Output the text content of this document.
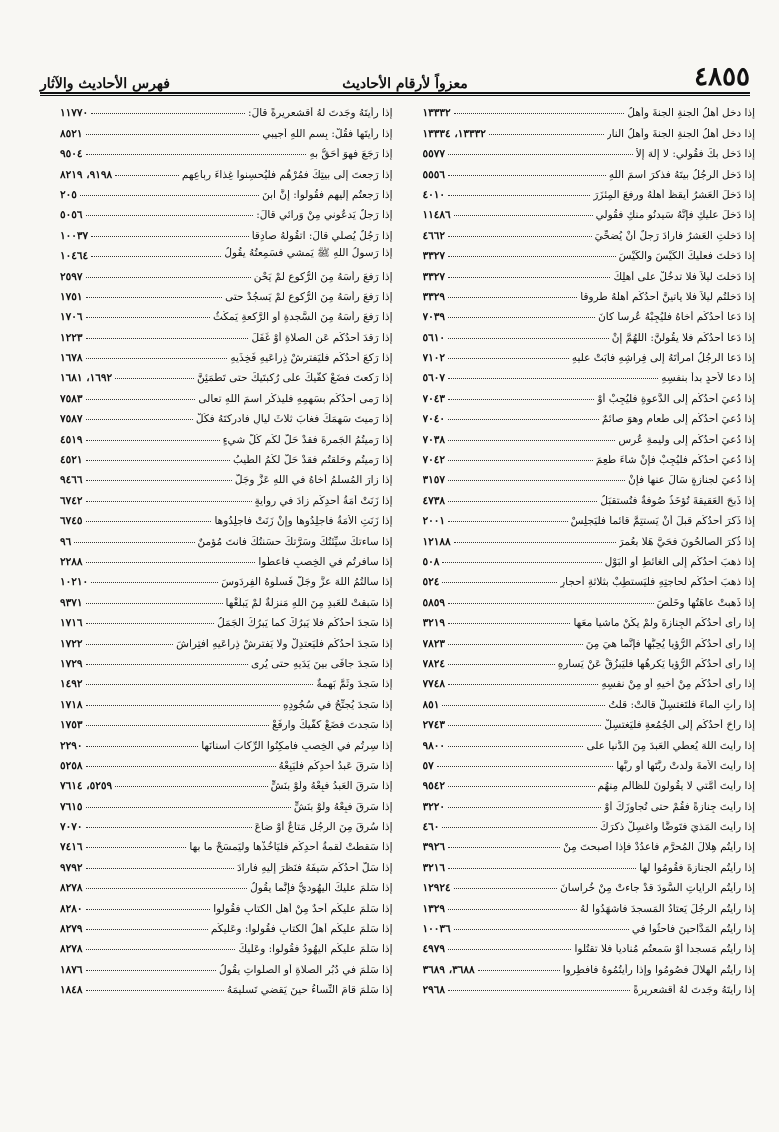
٤٨٥٥
معزواً لأرقام الأحاديث
فهرس الأحاديث والآثار
إذا دخل أهلُ الجنةِ الجنةَ وأهلُ
١٣٣٣٢
إذا دخل أهلُ الجنةِ الجنةَ وأهلُ النار
١٣٣٣٢، ١٣٣٣٤
إذا دَخل بكَ فقُولي: لا إلهَ إلاَّ
٥٥٧٧
إذا دَخل الرجُلُ بيتَهُ فذكرَ اسمَ اللهِ
٥٥٥٦
إذا دَخلَ العَشرُ أيقظَ أهلَهُ ورفعَ المِئزَرَ
٤٠١٠
إذا دَخلَ عليكِ فإنَّهُ سَيدنُو منكِ فقُولي
١١٤٨٦
إذا دَخلتِ العَشرُ فأرادَ رَجلٌ أنْ يُضحِّيَ
٤٦٦٢
إذا دَخلْتَ فعلَيكَ الكَيْسَ والكَيْسَ
٣٣٢٧
إذا دَخلتَ ليلاً فلا تدخُلْ على أهلِكَ
٣٣٢٧
إذا دَخلتُم ليلاً فلا يأتينَّ أحدُكُم أهلَهُ طُروقاً
٣٣٢٩
إذا دَعا أحدُكُم أخاهُ فليُجِبْهُ عُرساً كانَ
٧٠٣٩
إذا دَعا أحدُكُم فلا يقُولنَّ: اللهُمَّ إنْ
٥٦١٠
إذا دَعا الرجُلُ امرأتَهُ إلى فِراشِهِ فأبَتْ عليهِ
٧١٠٢
إذا دعا لأحدٍ بدأَ بنفسِهِ
٥٦٠٧
إذا دُعيَ أحدُكُم إلى الدَّعوةِ فليُجِبْ أوْ
٧٠٤٣
إذا دُعيَ أحدُكُم إلى طَعامٍ وهوَ صائمٌ
٧٠٤٠
إذا دُعيَ أحدُكُم إلى وليمةِ عُرسٍ
٧٠٣٨
إذا دُعيَ أحدُكُم فليُجِبْ فإنْ شاءَ طَعِمَ
٧٠٤٢
إذا دُعيَ لجنازةٍ سَألَ عنها فإنْ
٣١٥٧
إذا ذَبحَ العَقيقةَ تُؤخَذُ صُوفةٌ فتُستقبَلُ
٤٧٣٨
إذا ذَكرَ أحدُكُم قبلَ أنْ يَستتِمَّ قائماً فليَجلِسْ
٢٠٠١
إذا ذُكرَ الصالحُونَ فحَيَّ هَلا بعُمرَ
١٢١٨٨
إذا ذهبَ أحدُكُم إلى الغائطِ أو البَوْلِ
٥٠٨
إذا ذهبَ أحدُكُم لحاجتِهِ فليَستطِبْ بثلاثةِ أحجارٍ
٥٢٤
إذا ذَهبتْ عاهَتُها وخَلَصَ
٥٨٥٩
إذا رأى أحدُكُم الجِنازةَ ولمْ يكُنْ ماشياً معَها
٣٢١٩
إذا رأى أحدُكُم الرُّؤيا يُحِبُّها فإنَّما هيَ مِنَ
٧٨٢٣
إذا رأى أحدُكُم الرُّؤيا يَكرهُها فليَبزُقْ عَنْ يَسارِهِ
٧٨٢٤
إذا رأى أحدُكُم مِنْ أخيهِ أو مِنْ نفسِهِ
٧٧٤٨
إذا رأتِ الماءَ فلتَغتسِلْ قالتْ: قلتُ
٨٥١
إذا راحَ أحدُكُم إلى الجُمُعةِ فليَغتسِلْ
٢٧٤٣
إذا رأيتَ اللهَ يُعطي العَبدَ مِنَ الدُّنيا على
٩٨٠٠
إذا رأيتَ الأمةَ ولَدتْ ربَّتَها أو ربَّها
٥٧
إذا رأيتَ أُمَّتي لا يقُولونَ للظالمِ مِنهُم
٩٥٤٢
إذا رأيتَ جِنازةً فقُمْ حتى تُجاوِزَكَ أوْ
٣٢٢٠
إذا رأيتَ المَذيَ فتَوضَّأْ واغسِلْ ذكرَكَ
٤٦٠
إذا رأيتُم هِلالَ المُحرَّمِ فاعدُدْ فإذا أصبحتَ مِنْ
٣٩٢٦
إذا رأيتُم الجنازةَ فقُومُوا لها
٣٢١٦
إذا رأيتُم الراياتِ السُّودَ قدْ جاءتْ مِنْ خُراسانَ
١٢٩٢٤
إذا رأيتُم الرجُلَ يَعتادُ المَسجدَ فاشهَدُوا لهُ
١٣٢٩
إذا رأيتُم المَدَّاحينَ فاحثُوا في
١٠٠٣٦
إذا رأيتُم مَسجداً أوْ سَمعتُم مُنادياً فلا تقتُلوا
٤٩٧٩
إذا رأيتُم الهِلالَ فصُومُوا وإذا رأيتُمُوهُ فأفطِروا
٣٦٨٨، ٣٦٨٩
إذا رأيتَهُ وجَدتَ لهُ أقشعريرةً
٢٩٦٨
إذا رأيتَهُ وجَدتَ لهُ أقشعريرةً قالَ:
١١٧٧٠
إذا رأيتَها فقُلْ: بِسمِ اللهِ أُجيبي
٨٥٢١
إذا رَجَعَ فهوَ أحَقُّ بهِ
٩٥٠٤
إذا رَجعتَ إلى بيتِكَ فمُرْهُم فليُحسِنوا غِذاءَ رِباعِهِم
٩١٩٨، ٨٢١٩
إذا رَجعتُم إليهِم فقُولوا: إنَّ ابنَ
٢٠٥
إذا رَجلٌ يَدعُوني مِنْ وَرائي قالَ:
٥٠٥٦
إذا رَجُلٌ يُصلِّي قالَ: اتقُولُهُ صادِقاً
١٠٠٣٧
إذا رَسولُ اللهِ ﷺ يَمشي فسَمِعتُهُ يقُولُ
١٠٤٦٤
إذا رَفعَ رأسَهُ مِنَ الرُّكوعِ لمْ يَحْنِ
٢٥٩٧
إذا رَفعَ رأسَهُ مِنَ الرُّكوعِ لمْ يَسجُدْ حتى
١٧٥١
إذا رَفعَ رأسَهُ مِنَ السَّجدةِ أو الرَّكعةِ يَمكُثُ
١٧٠٦
إذا رَقدَ أحدُكُم عَنِ الصلاةِ أوْ غَفَلَ
١٢٢٣
إذا رَكعَ أحدُكُم فليَفترِشْ ذِراعَيهِ فَخِذَيهِ
١٦٧٨
إذا رَكعتَ فضَعْ كفَّيكَ على رُكبتَيكَ حتى تَطمَئِنَّ
١٦٩٢، ١٦٨١
إذا رَمى أحدُكُم بسَهمِهِ فليذكُرِ اسمَ اللهِ تعالى
٧٥٨٣
إذا رَميتَ سَهمَكَ فغابَ ثلاثَ ليالٍ فأدركتَهُ فكُلْ
٧٥٨٧
إذا رَميتُمُ الجَمرةَ فقدْ حَلَّ لكُم كُلُّ شيءٍ
٤٥١٩
إذا رَميتُم وحَلقتُم فقدْ حَلَّ لكُمُ الطِّيبُ
٤٥٢١
إذا زارَ المُسلمُ أخاهُ في اللهِ عَزَّ وجَلَّ
٩٤٦٦
إذا زَنَتْ أمَةُ أحدِكُم زادَ في روايةٍ
٦٧٤٢
إذا زَنَتِ الأمَةُ فاجلِدُوها وإنْ زَنَتْ فاجلِدُوها
٦٧٤٥
إذا ساءتكَ سيِّئتُكَ وسَرَّتكَ حسَنتُكَ فأنتَ مُؤمنٌ
٩٦
إذا سافرتُم في الخِصبِ فأعطُوا
٢٢٨٨
إذا سألتُمُ اللهَ عزَّ وجَلَّ فَسلُوهُ الفِردَوسَ
١٠٢١٠
إذا سَبقتْ للعَبدِ مِنَ اللهِ مَنزِلةٌ لمْ يَبلُغْها
٩٣٧١
إذا سَجدَ أحدُكُم فلا يَبرُكْ كما يَبرُكُ الجَمَلُ
١٧١٦
إذا سَجدَ أحدُكُم فليَعتدِلْ ولا يَفترِشْ ذِراعَيهِ افتِراشَ
١٧٢٢
إذا سَجدَ جافَى بينَ يَدَيهِ حتى يُرى
١٧٢٩
إذا سَجدَ وثَمَّ بَهمةٌ
١٤٩٢
إذا سَجدَ يُجنِّحُ في سُجُودِهِ
١٧١٨
إذا سَجدتَ فضَعْ كفَّيكَ وارفَعْ
١٧٥٣
إذا سِرتُم في الخِصبِ فأمكِنُوا الرِّكابَ أسنانَها
٢٢٩٠
إذا سَرقَ عَبدُ أحدِكُم فليَبِعْهُ
٥٢٥٨
إذا سَرقَ العَبدُ فبِعْهُ ولَوْ بنَشٍّ
٥٢٥٩، ٧٦١٤
إذا سَرقَ فبِعْهُ ولَوْ بنَشٍّ
٧٦١٥
إذا سُرقَ مِنَ الرجُلِ مَتاعٌ أوْ ضاعَ
٧٠٧٠
إذا سَقطتْ لُقمةُ أحدِكُم فليَأخُذْها وليَمسَحْ ما بها
٧٤١٦
إذا سَلَّ أحدُكُم سَيفَهُ فنَظرَ إليهِ فأرادَ
٩٧٩٢
إذا سَلَّمَ عليكَ اليهُوديُّ فإنَّما يقُولُ
٨٢٧٨
إذا سَلَّمَ عليكُم أحدٌ مِنْ أهلِ الكتابِ فقُولوا
٨٢٨٠
إذا سَلَّمَ عليكُم أهلُ الكتابِ فقُولوا: وعَليكُم
٨٢٧٩
إذا سَلَّمَ عليكُم اليهُودُ فقُولوا: وعَليكَ
٨٢٧٨
إذا سَلَّمَ في دُبُرِ الصلاةِ أو الصلَواتِ يقُولُ
١٨٧٦
إذا سَلَّمَ قامَ النِّساءُ حينَ يَقضي تَسليمَهُ
١٨٤٨
